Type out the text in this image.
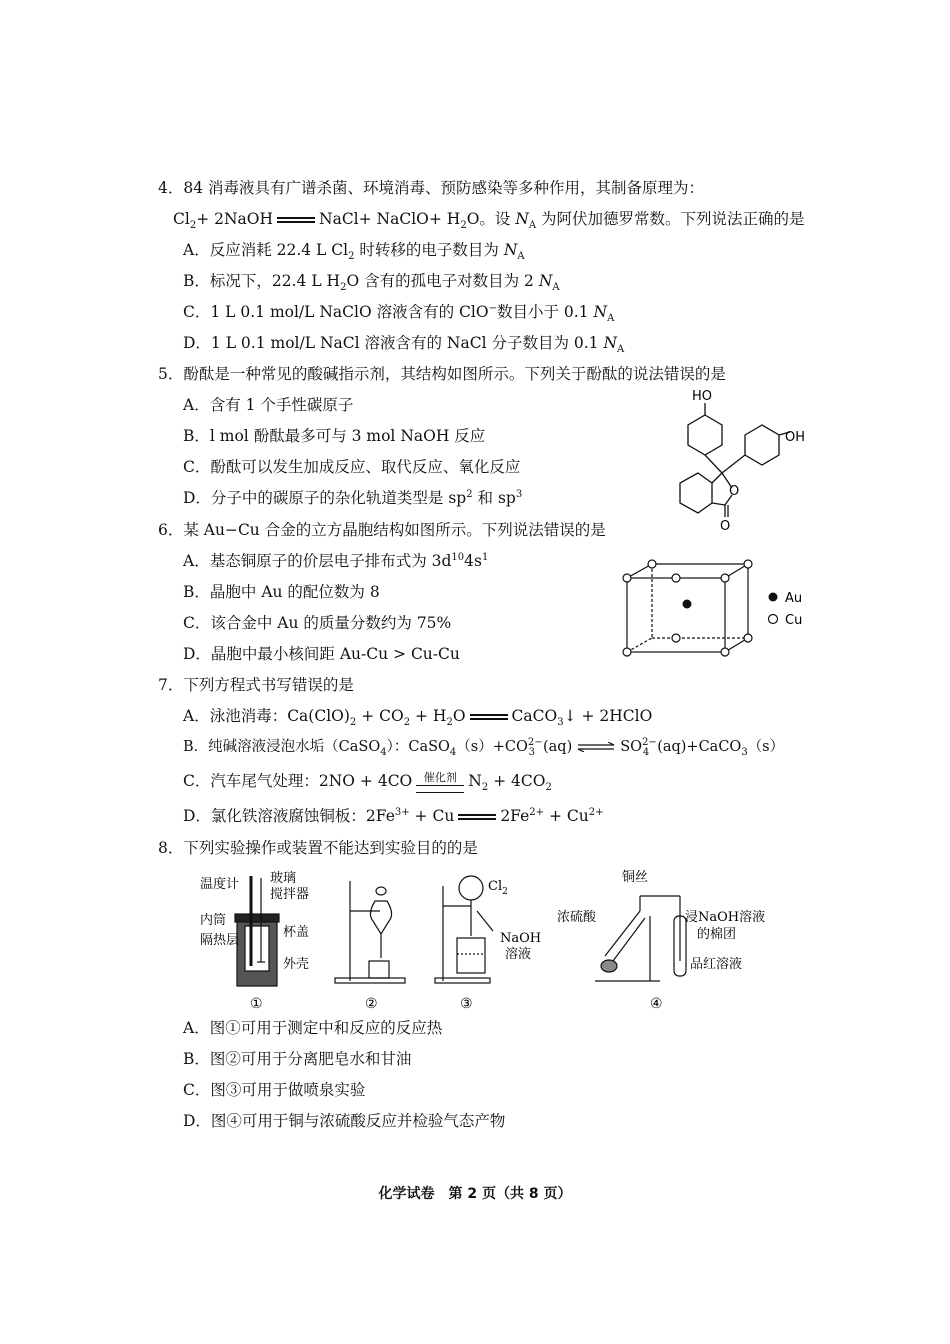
4．84 消毒液具有广谱杀菌、环境消毒、预防感染等多种作用，其制备原理为：
$Cl_2+$ 2NaOH	NaCl+ NaClO+ $H_2O$。设 $N_A$ 为阿伏加德罗常数。下列说法正确的是
A．反应消耗 22.4 L $Cl_2$ 时转移的电子数目为 $N_A$
B．标况下，22.4 L $H_2O$ 含有的孤电子对数目为 2 $N_A$
C．1 L 0.1 mol/L NaClO 溶液含有的 ClO−数目小于 0.1 $N_A$
D．1 L 0.1 mol/L NaCl 溶液含有的 NaCl 分子数目为 0.1 $N_A$
5．酚酞是一种常见的酸碱指示剂，其结构如图所示。下列关于酚酞的说法错误的是
A．含有 1 个手性碳原子
B．l mol 酚酞最多可与 3 mol NaOH 反应
C．酚酞可以发生加成反应、取代反应、氧化反应
D．分子中的碳原子的杂化轨道类型是 $sp^2$ 和 $sp^3$
HO
OH
O
O
6．某 Au−Cu 合金的立方晶胞结构如图所示。下列说法错误的是
A．基态铜原子的价层电子排布式为 $3d^{10}4s^1$
B．晶胞中 Au 的配位数为 8
C．该合金中 Au 的质量分数约为 75%
D．晶胞中最小核间距 Au-Cu > Cu-Cu
Au
Cu
7．下列方程式书写错误的是
A．泳池消毒：$Ca(ClO)_2 + CO_2 + H_2O$	CaCO$_3$↓ + 2HClO
B．纯碱溶液浸泡水垢（CaSO$_4$）：$CaSO_4(s)+CO^{2-}_3$ (aq) ⇌ $SO^{2-}_4$ (aq)+CaCO$_3$（s）
C．汽车尾气处理：2NO + 4CO	催化剂 $N_2 + 4CO_2$
D．氯化铁溶液腐蚀铜板：$2Fe^{3+} + Cu$	$2Fe^{2+} + Cu^{2+}$
8．下列实验操作或装置不能达到实验目的的是
温度计 玻璃
搅拌器
内筒
隔热层
杯盖
外壳
①	②
$Cl_2$
NaOH
溶液
③
铜丝
浓硫酸	浸NaOH溶液
的棉团
品红溶液
④
A．图①可用于测定中和反应的反应热
B．图②可用于分离肥皂水和甘油
C．图③可用于做喷泉实验
D．图④可用于铜与浓硫酸反应并检验气态产物
化学试卷　第 2 页（共 8 页）
